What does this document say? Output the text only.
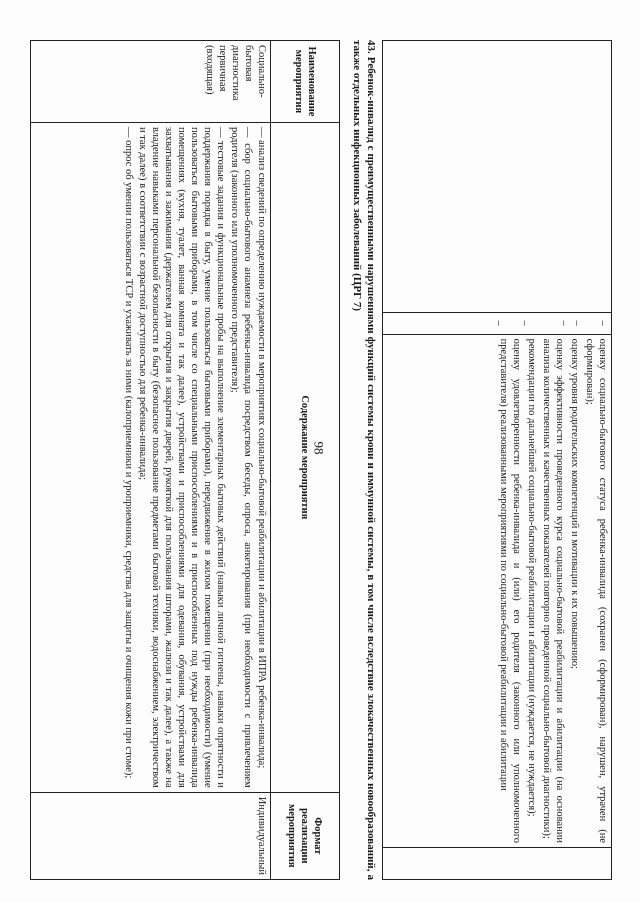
98

–

–
–

–

–

оценку социально-бытового статуса ребенка-инвалида (сохранен (сформирован), нарушен, утрачен (не сформирован);
оценку уровня родительских компетенций и мотивации к их повышению;
оценку эффективности проведенного курса социально-бытовой реабилитации и абилитации (на основании анализа количественных и качественных показателей повторно проведенной социально-бытовой диагностики);
рекомендации по дальнейшей социально-бытовой реабилитации и абилитации (нуждается, не нуждается);
оценку удовлетворенности ребенка-инвалида и (или) его родителя (законного или уполномоченного представителя) реализованными мероприятиями по социально-бытовой реабилитации и абилитации

43. Ребенок-инвалид с преимущественными нарушениями функций системы крови и иммунной системы, в том числе вследствие злокачественных новообразований, а также отдельных инфекционных заболеваний (ЦРГ 7)
Наименование мероприятия	Содержание мероприятия	Формат реализации мероприятия
Социально-бытовая диагностика первичная (входящая)	— анализ сведений по определению нуждаемости в мероприятиях социально-бытовой реабилитации и абилитации в ИПРА ребенка-инвалида;
— сбор социально-бытового анамнеза ребенка-инвалида посредством беседы, опроса, анкетирования (при необходимости с привлечением родителя (законного или уполномоченного представителя);
— тестовые задания и функциональные пробы на выполнение элементарных бытовых действий (навыки личной гигиены, навыки опрятности и поддержания порядка в быту, умение пользоваться бытовыми приборами), передвижение в жилом помещении (при необходимости) (умение пользоваться бытовыми приборами, в том числе со специальными приспособлениями и в приспособленных под нужды ребенка-инвалида помещениях (кухня, туалет, ванная комната и так далее), устройствами и приспособлениями для одевания, обувания, устройствами для захватывания и зажимания (держателем для открытия и закрытия дверей, рукояткой для пользования шторами, жалюзи и так далее), а также на владение навыками персональной безопасности в быту (безопасное пользование предметами бытовой техники, водоснабжением, электричеством и так далее) в соответствии с возрастной доступностью для ребенка-инвалида;
— опрос об умении пользоваться ТСР и ухаживать за ними (калоприемники и уроприемники, средства для защиты и очищения кожи при стоме);	Индивидуальный
